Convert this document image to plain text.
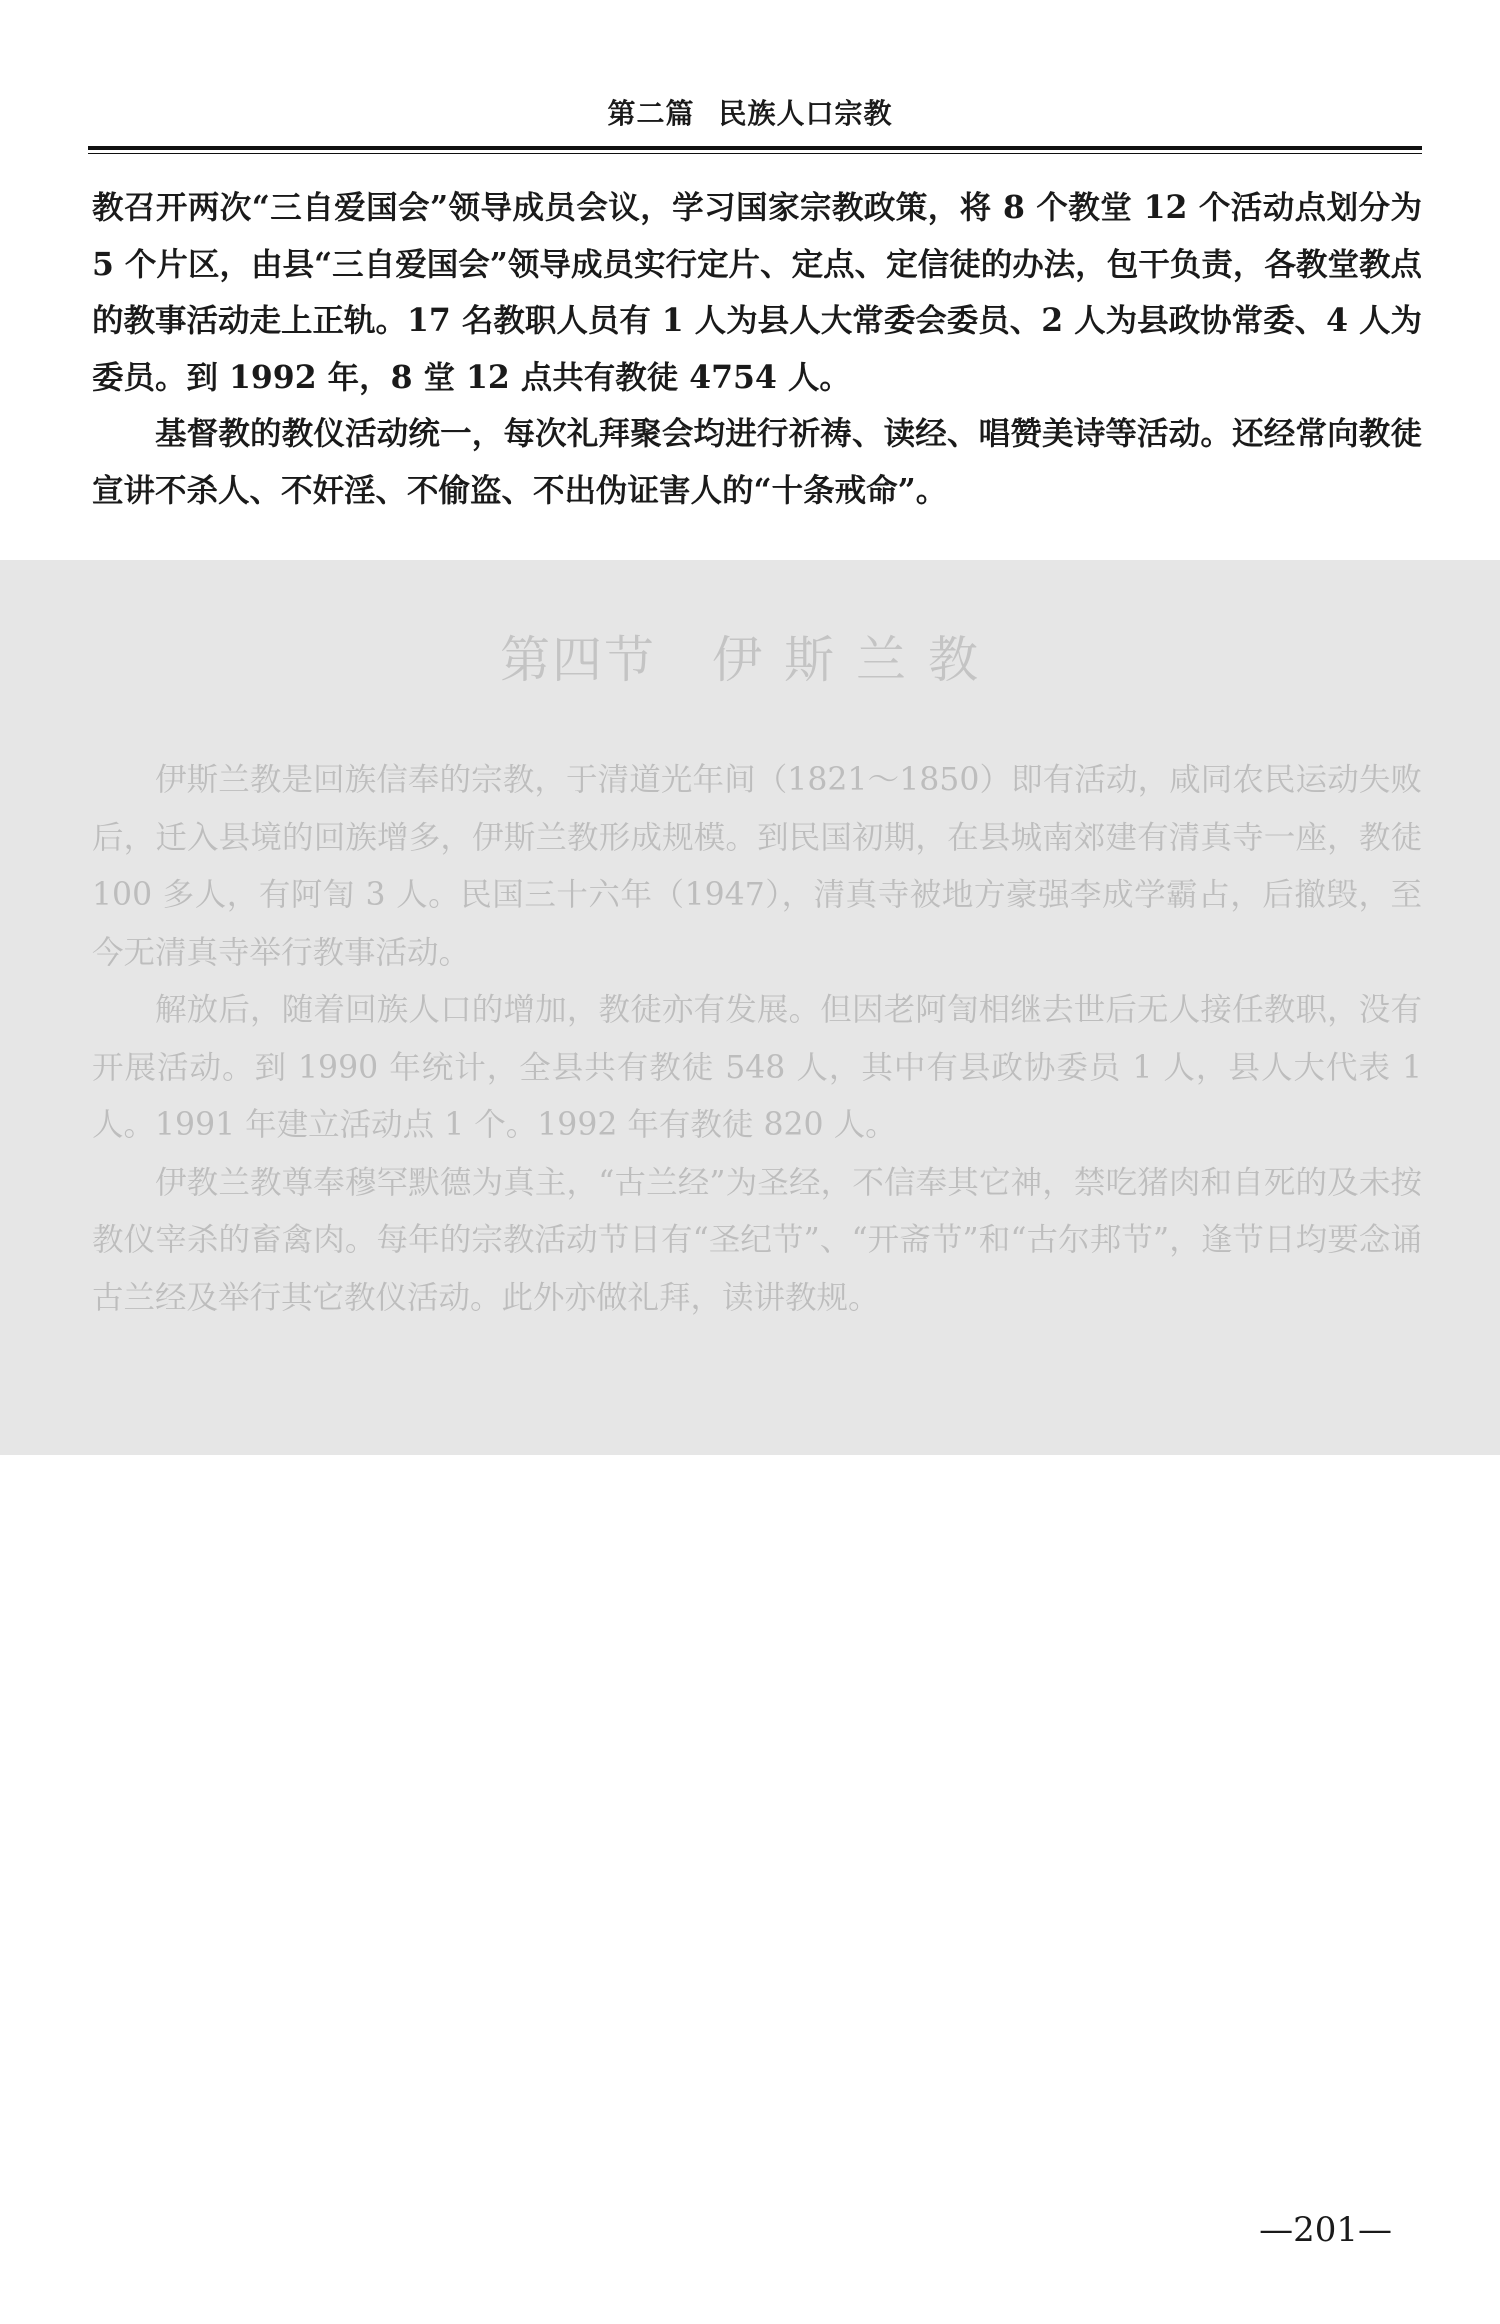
第二篇 民族人口宗教

教召开两次“三自爱国会”领导成员会议，学习国家宗教政策，将 8 个教堂 12 个活动点划分为 5 个片区，由县“三自爱国会”领导成员实行定片、定点、定信徒的办法，包干负责，各教堂教点的教事活动走上正轨。17 名教职人员有 1 人为县人大常委会委员、2 人为县政协常委、4 人为委员。到 1992 年，8 堂 12 点共有教徒 4754 人。

基督教的教仪活动统一，每次礼拜聚会均进行祈祷、读经、唱赞美诗等活动。还经常向教徒宣讲不杀人、不奸淫、不偷盗、不出伪证害人的“十条戒命”。

第四节 伊斯兰教

伊斯兰教是回族信奉的宗教，于清道光年间（1821～1850）即有活动，咸同农民运动失败后，迁入县境的回族增多，伊斯兰教形成规模。到民国初期，在县城南郊建有清真寺一座，教徒 100 多人，有阿訇 3 人。民国三十六年（1947），清真寺被地方豪强李成学霸占，后撤毁，至今无清真寺举行教事活动。

解放后，随着回族人口的增加，教徒亦有发展。但因老阿訇相继去世后无人接任教职，没有开展活动。到 1990 年统计，全县共有教徒 548 人，其中有县政协委员 1 人，县人大代表 1 人。1991 年建立活动点 1 个。1992 年有教徒 820 人。

伊教兰教尊奉穆罕默德为真主，“古兰经”为圣经，不信奉其它神，禁吃猪肉和自死的及未按教仪宰杀的畜禽肉。每年的宗教活动节日有“圣纪节”、“开斋节”和“古尔邦节”，逢节日均要念诵古兰经及举行其它教仪活动。此外亦做礼拜，读讲教规。

—201—
